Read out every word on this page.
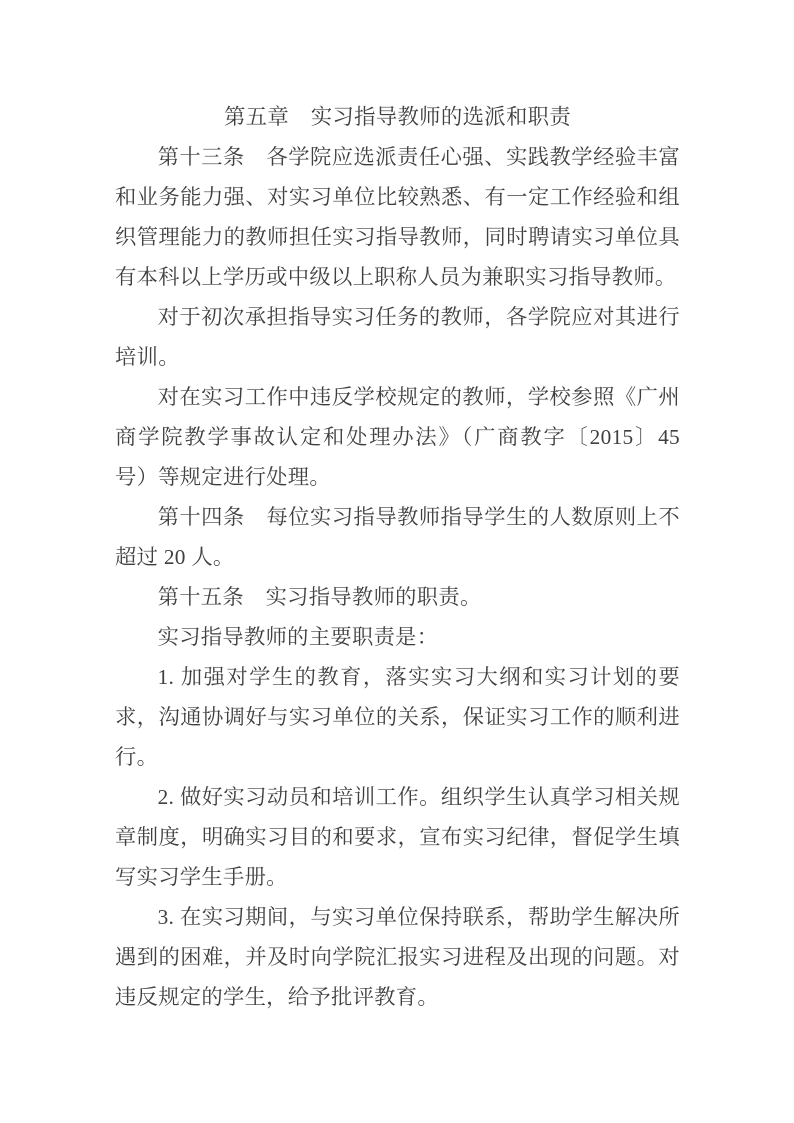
第五章　实习指导教师的选派和职责

第十三条　各学院应选派责任心强、实践教学经验丰富和业务能力强、对实习单位比较熟悉、有一定工作经验和组织管理能力的教师担任实习指导教师，同时聘请实习单位具有本科以上学历或中级以上职称人员为兼职实习指导教师。

对于初次承担指导实习任务的教师，各学院应对其进行培训。

对在实习工作中违反学校规定的教师，学校参照《广州商学院教学事故认定和处理办法》（广商教字〔2015〕45 号）等规定进行处理。

第十四条　每位实习指导教师指导学生的人数原则上不超过 20 人。

第十五条　实习指导教师的职责。

实习指导教师的主要职责是：

1. 加强对学生的教育，落实实习大纲和实习计划的要求，沟通协调好与实习单位的关系，保证实习工作的顺利进行。

2. 做好实习动员和培训工作。组织学生认真学习相关规章制度，明确实习目的和要求，宣布实习纪律，督促学生填写实习学生手册。

3. 在实习期间，与实习单位保持联系，帮助学生解决所遇到的困难，并及时向学院汇报实习进程及出现的问题。对违反规定的学生，给予批评教育。
